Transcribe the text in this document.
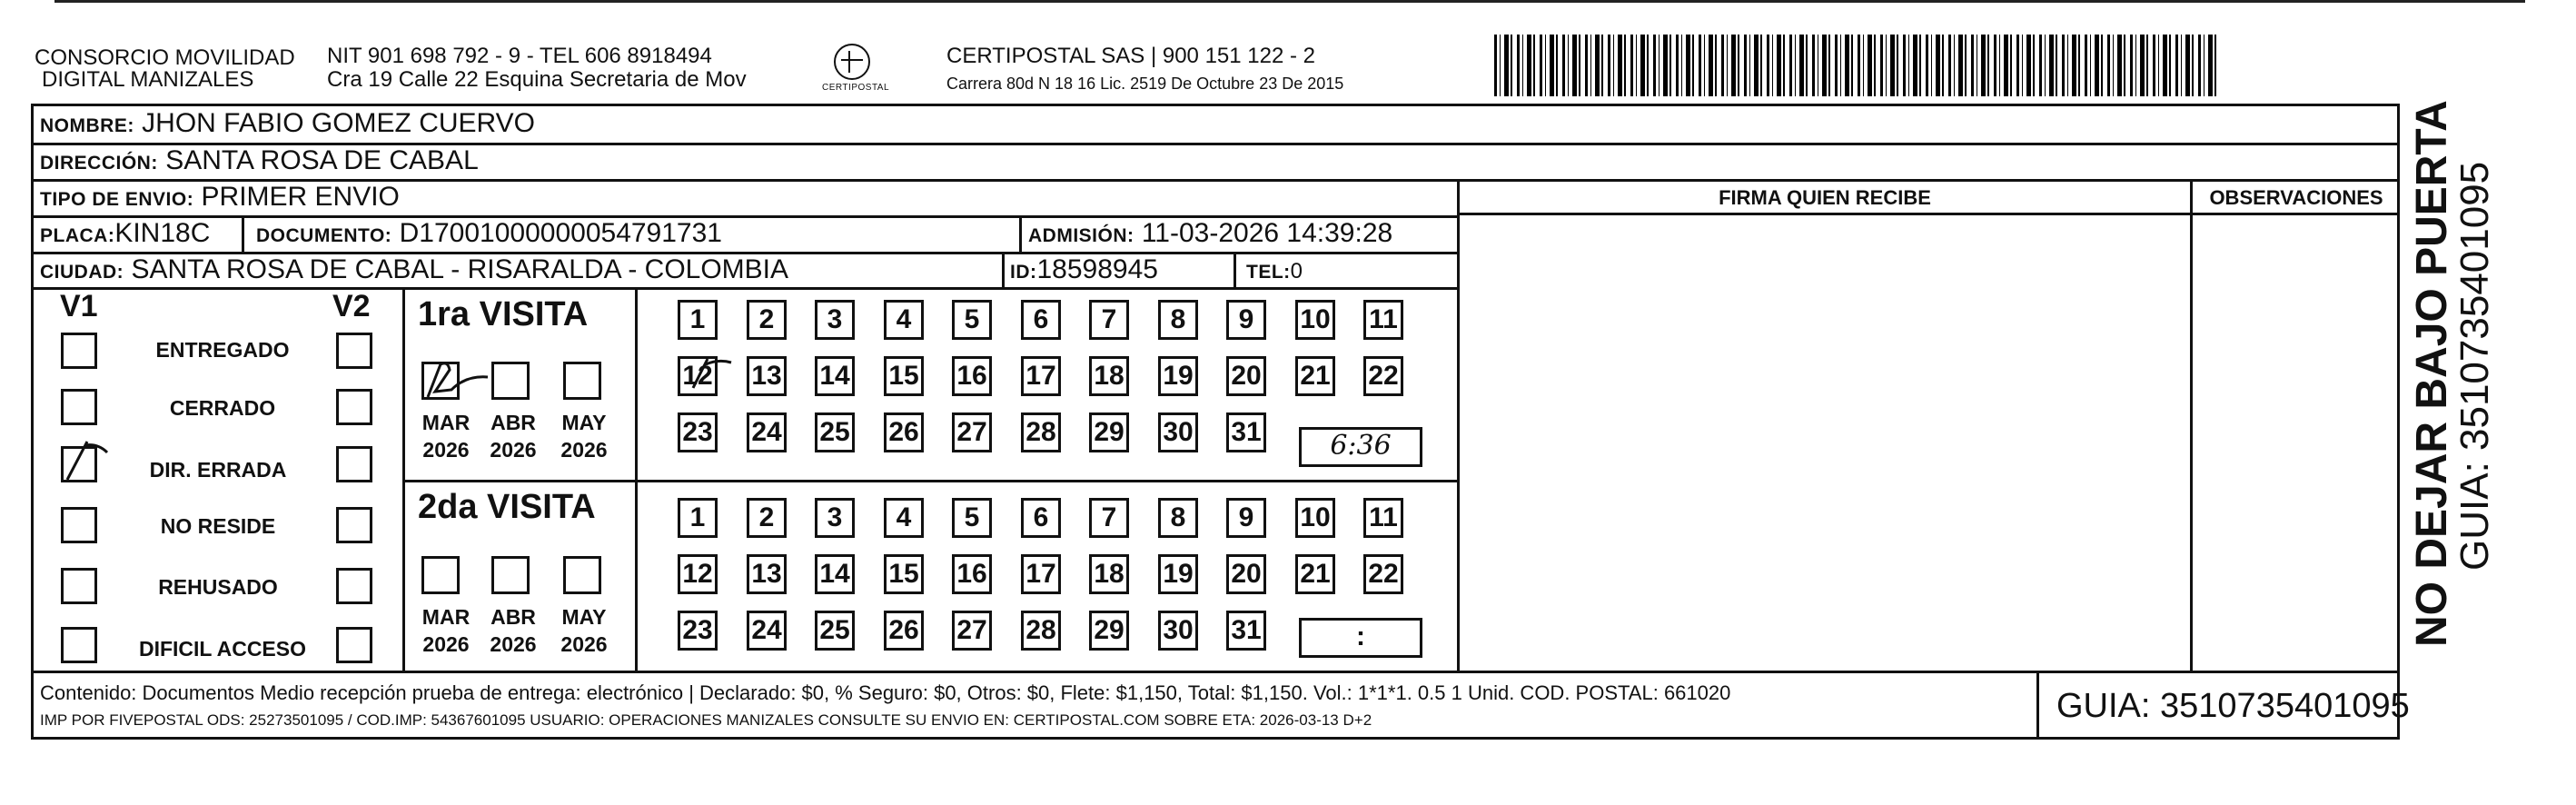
CONSORCIO MOVILIDAD
DIGITAL MANIZALES
NIT 901 698 792 - 9 - TEL 606 8918494
Cra 19 Calle 22 Esquina Secretaria de Mov	CERTIPOSTAL
CERTIPOSTAL SAS | 900 151 122 - 2
Carrera 80d N 18 16 Lic. 2519 De Octubre 23 De 2015
NOMBRE: JHON FABIO GOMEZ CUERVO
DIRECCIÓN: SANTA ROSA DE CABAL
TIPO DE ENVIO: PRIMER ENVIO	FIRMA QUIEN RECIBE	OBSERVACIONES
PLACA:KIN18C DOCUMENTO: D17001000000054791731	ADMISIÓN: 11-03-2026 14:39:28
CIUDAD: SANTA ROSA DE CABAL - RISARALDA - COLOMBIA	ID:18598945	TEL:0
V1	V2
ENTREGADO
CERRADO
DIR. ERRADA
NO RESIDE
REHUSADO
DIFICIL ACCESO
1ra VISITA
MAR
2026
ABR
2026
MAY
2026
1	2	3	4	5	6	7	8	9	10 11
12 13 14 15 16 17 18 19 20 21 22
23 24 25 26 27 28 29 30 31	6:36
2da VISITA
MAR
2026
ABR
2026
MAY
2026
1	2	3	4	5	6	7	8	9	10 11
12 13 14 15 16 17 18 19 20 21 22
23 24 25 26 27 28 29 30 31	:
Contenido: Documentos Medio recepción prueba de entrega: electrónico | Declarado: $0, % Seguro: $0, Otros: $0, Flete: $1,150, Total: $1,150. Vol.: 1*1*1. 0.5 1 Unid. COD. POSTAL: 661020
IMP POR FIVEPOSTAL ODS: 25273501095 / COD.IMP: 54367601095 USUARIO: OPERACIONES MANIZALES CONSULTE SU ENVIO EN: CERTIPOSTAL.COM SOBRE ETA: 2026-03-13 D+2	GUIA: 3510735401095
NO DEJAR BAJO PUERTA
GUIA: 3510735401095
